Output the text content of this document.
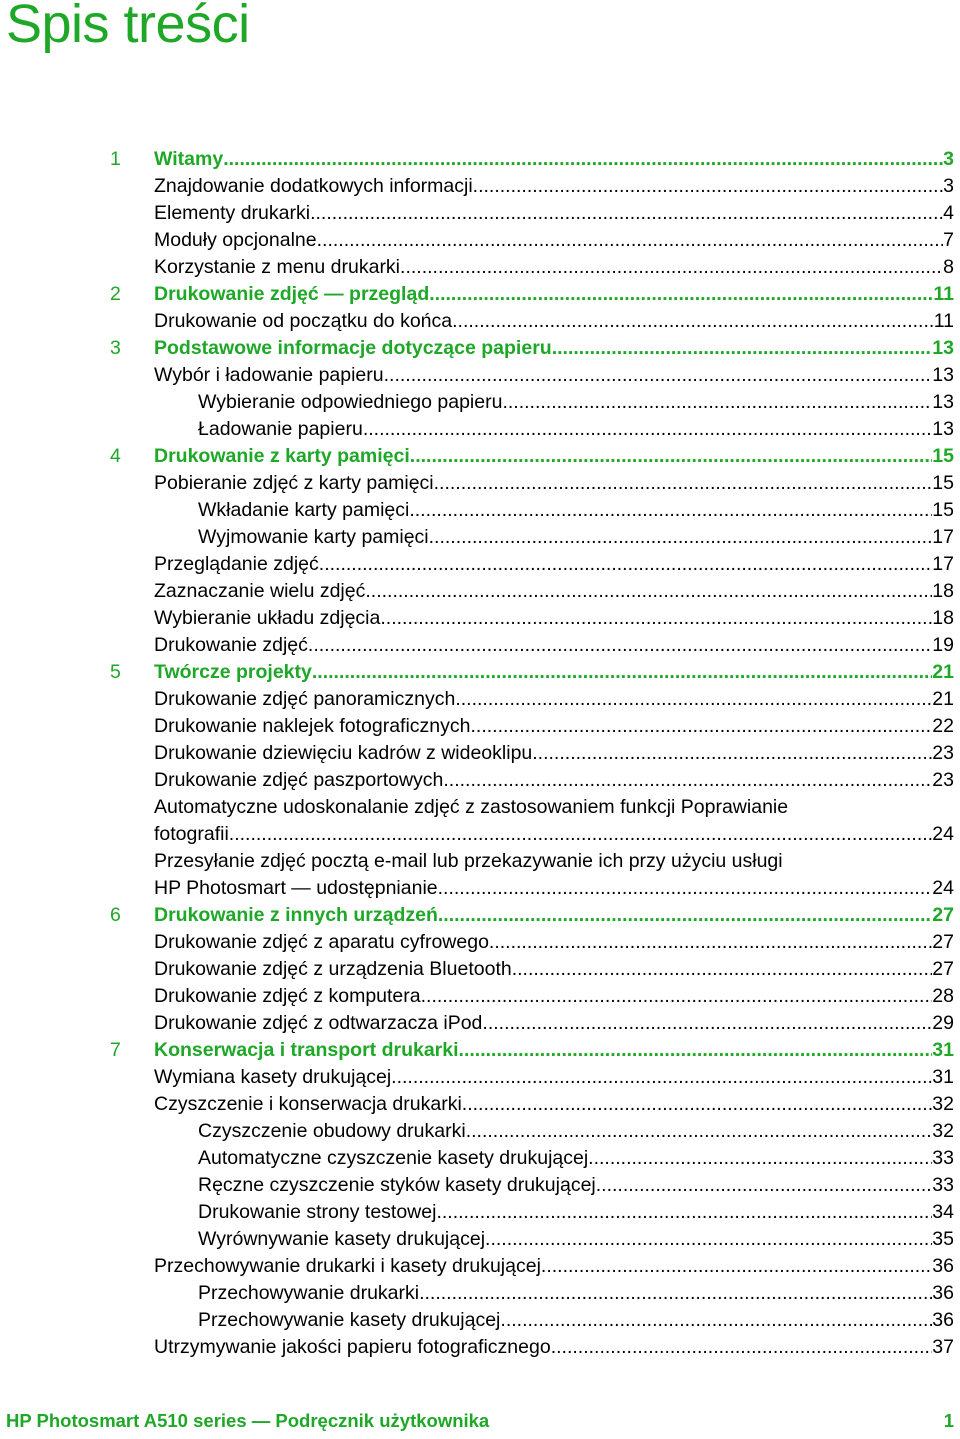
Spis treści
1 Witamy .....	3
Znajdowanie dodatkowych informacji .....	3
Elementy drukarki .....	4
Moduły opcjonalne .....	7
Korzystanie z menu drukarki .....	8
2 Drukowanie zdjęć — przegląd .....	11
Drukowanie od początku do końca .....	11
3 Podstawowe informacje dotyczące papieru .....	13
Wybór i ładowanie papieru .....	13
Wybieranie odpowiedniego papieru .....	13
Ładowanie papieru .....	13
4 Drukowanie z karty pamięci .....	15
Pobieranie zdjęć z karty pamięci .....	15
Wkładanie karty pamięci .....	15
Wyjmowanie karty pamięci .....	17
Przeglądanie zdjęć .....	17
Zaznaczanie wielu zdjęć .....	18
Wybieranie układu zdjęcia .....	18
Drukowanie zdjęć .....	19
5 Twórcze projekty .....	21
Drukowanie zdjęć panoramicznych .....	21
Drukowanie naklejek fotograficznych .....	22
Drukowanie dziewięciu kadrów z wideoklipu .....	23
Drukowanie zdjęć paszportowych .....	23
Automatyczne udoskonalanie zdjęć z zastosowaniem funkcji Poprawianie
fotografii .....	24
Przesyłanie zdjęć pocztą e-mail lub przekazywanie ich przy użyciu usługi
HP Photosmart — udostępnianie .....	24
6 Drukowanie z innych urządzeń .....	27
Drukowanie zdjęć z aparatu cyfrowego .....	27
Drukowanie zdjęć z urządzenia Bluetooth .....	27
Drukowanie zdjęć z komputera .....	28
Drukowanie zdjęć z odtwarzacza iPod .....	29
7 Konserwacja i transport drukarki .....	31
Wymiana kasety drukującej .....	31
Czyszczenie i konserwacja drukarki .....	32
Czyszczenie obudowy drukarki .....	32
Automatyczne czyszczenie kasety drukującej .....	33
Ręczne czyszczenie styków kasety drukującej .....	33
Drukowanie strony testowej .....	34
Wyrównywanie kasety drukującej .....	35
Przechowywanie drukarki i kasety drukującej .....	36
Przechowywanie drukarki .....	36
Przechowywanie kasety drukującej .....	36
Utrzymywanie jakości papieru fotograficznego .....	37
HP Photosmart A510 series — Podręcznik użytkownika	1
